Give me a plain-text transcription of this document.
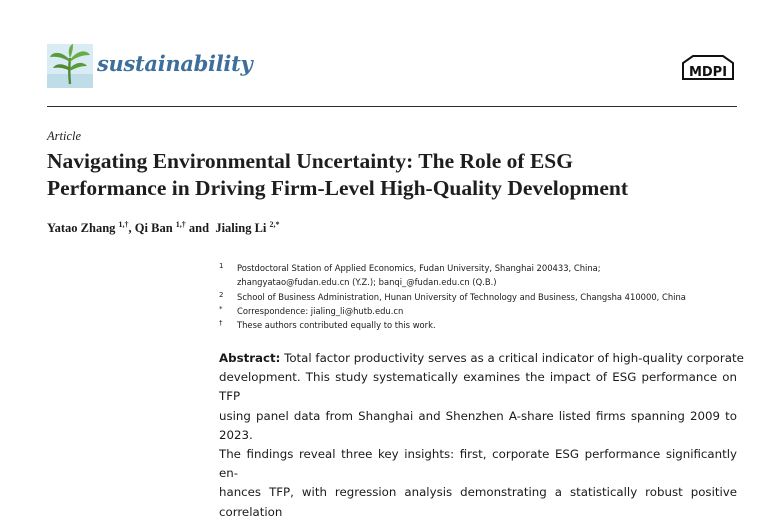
sustainability	MDPI
Article
Navigating Environmental Uncertainty: The Role of ESG
Performance in Driving Firm-Level High-Quality Development
Yatao Zhang $^{1,\dagger}$, Qi Ban $^{1,\dagger}$ and  Jialing Li $^{2,*}$
1 Postdoctoral Station of Applied Economics, Fudan University, Shanghai 200433, China;
zhangyatao@fudan.edu.cn (Y.Z.); banqi_@fudan.edu.cn (Q.B.)
2 School of Business Administration, Hunan University of Technology and Business, Changsha 410000, China
* Correspondence: jialing_li@hutb.edu.cn
† These authors contributed equally to this work.
Abstract: Total factor productivity serves as a critical indicator of high-quality corporate
development. This study systematically examines the impact of ESG performance on TFP
using panel data from Shanghai and Shenzhen A-share listed firms spanning 2009 to 2023.
The findings reveal three key insights: first, corporate ESG performance significantly en-
hances TFP, with regression analysis demonstrating a statistically robust positive correlation
